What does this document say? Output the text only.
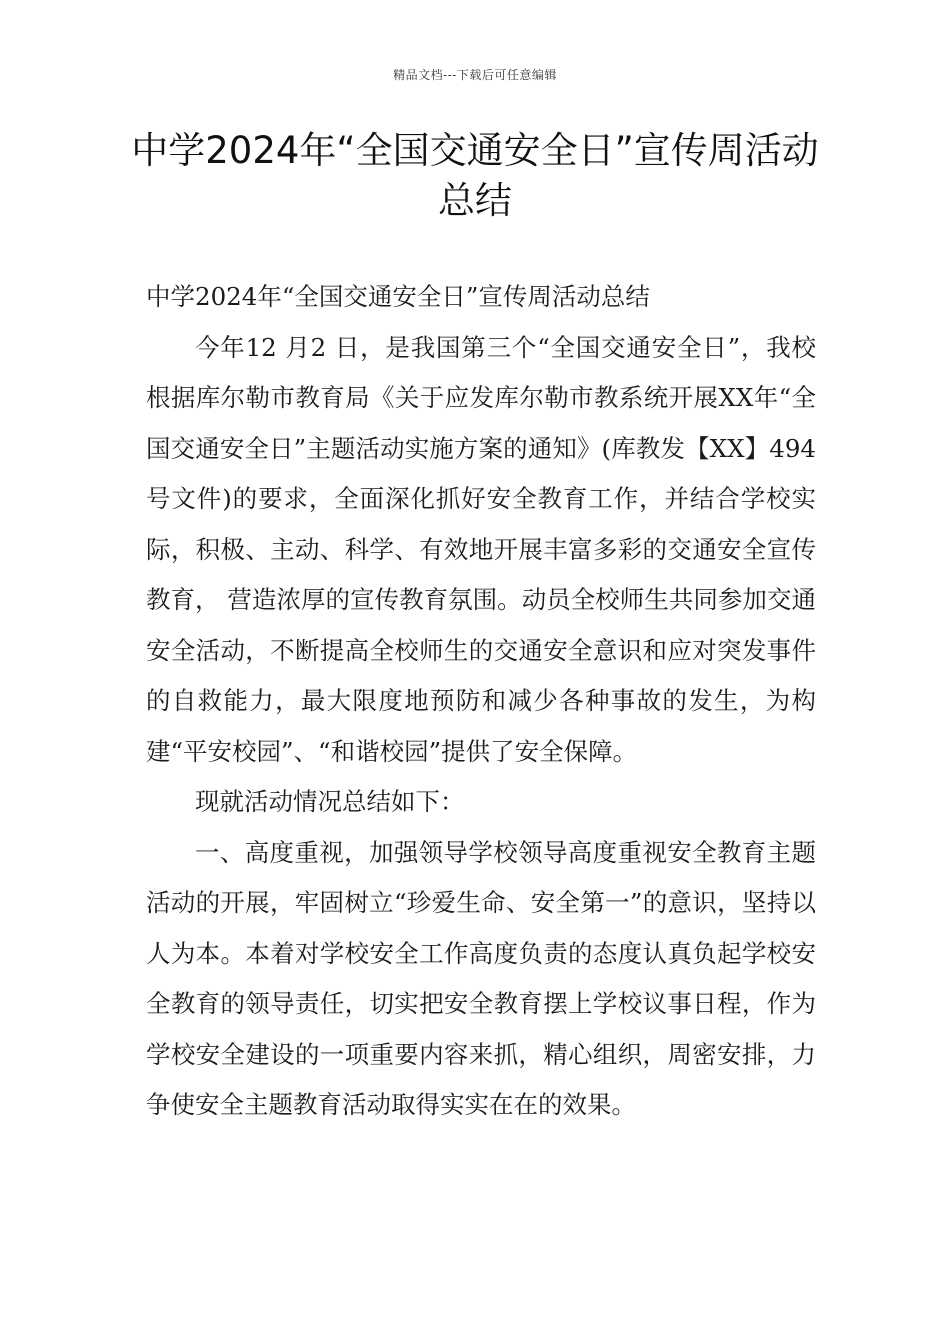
精品文档---下载后可任意编辑
中学2024年“全国交通安全日”宣传周活动总结

中学2024年“全国交通安全日”宣传周活动总结

今年12 月2 日，是我国第三个“全国交通安全日”，我校根据库尔勒市教育局《关于应发库尔勒市教系统开展XX年“全国交通安全日”主题活动实施方案的通知》(库教发【XX】494号文件)的要求，全面深化抓好安全教育工作，并结合学校实际，积极、主动、科学、有效地开展丰富多彩的交通安全宣传教育， 营造浓厚的宣传教育氛围。动员全校师生共同参加交通安全活动，不断提高全校师生的交通安全意识和应对突发事件的自救能力，最大限度地预防和减少各种事故的发生，为构建“平安校园”、“和谐校园”提供了安全保障。

现就活动情况总结如下：

一、高度重视，加强领导学校领导高度重视安全教育主题活动的开展，牢固树立“珍爱生命、安全第一”的意识，坚持以人为本。本着对学校安全工作高度负责的态度认真负起学校安全教育的领导责任，切实把安全教育摆上学校议事日程，作为学校安全建设的一项重要内容来抓，精心组织，周密安排，力争使安全主题教育活动取得实实在在的效果。
